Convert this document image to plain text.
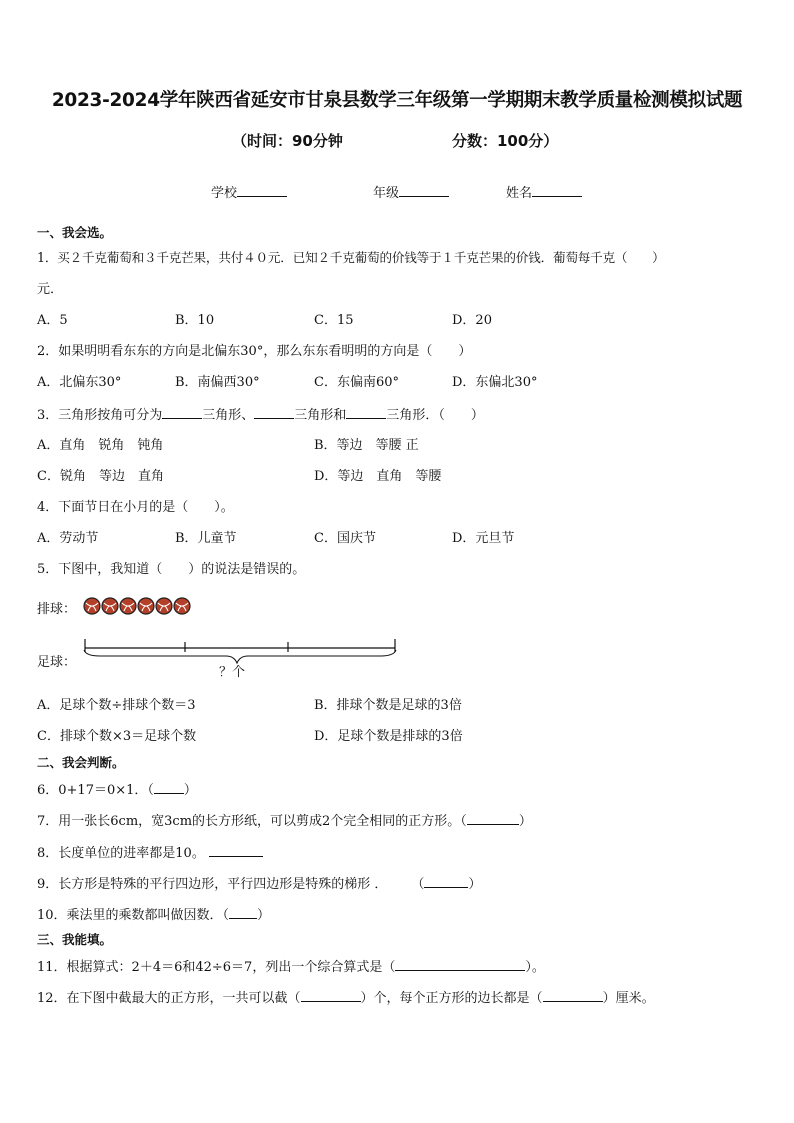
2023-2024学年陕西省延安市甘泉县数学三年级第一学期期末教学质量检测模拟试题
（时间：90分钟	分数：100分）
学校	年级	姓名
一、我会选。
1．买２千克葡萄和３千克芒果，共付４０元．已知２千克葡萄的价钱等于１千克芒果的价钱．葡萄每千克（　　）
元．
A．5	B．10	C．15	D．20
2．如果明明看东东的方向是北偏东30°，那么东东看明明的方向是（　　）
A．北偏东30°	B．南偏西30°	C．东偏南60°	D．东偏北30°
3．三角形按角可分为	三角形、	三角形和	三角形．（　　）
A．直角　锐角　钝角	B．等边　等腰 正
C．锐角　等边　直角	D．等边　直角　等腰
4．下面节日在小月的是（　　）。
A．劳动节	B．儿童节	C．国庆节	D．元旦节
5．下图中，我知道（　　）的说法是错误的。
排球：
足球：
？个
A．足球个数÷排球个数＝3	B．排球个数是足球的3倍
C．排球个数×3＝足球个数	D．足球个数是排球的3倍
二、我会判断。
6．0+17＝0×1．（ ）
7．用一张长6cm，宽3cm的长方形纸，可以剪成2个完全相同的正方形。（	）
8．长度单位的进率都是10。
9．长方形是特殊的平行四边形，平行四边形是特殊的梯形 ． （	）
10．乘法里的乘数都叫做因数．（ ）
三、我能填。
11．根据算式：2＋4＝6和42÷6＝7，列出一个综合算式是（	）。
12．在下图中截最大的正方形，一共可以截（	）个，每个正方形的边长都是（	）厘米。
